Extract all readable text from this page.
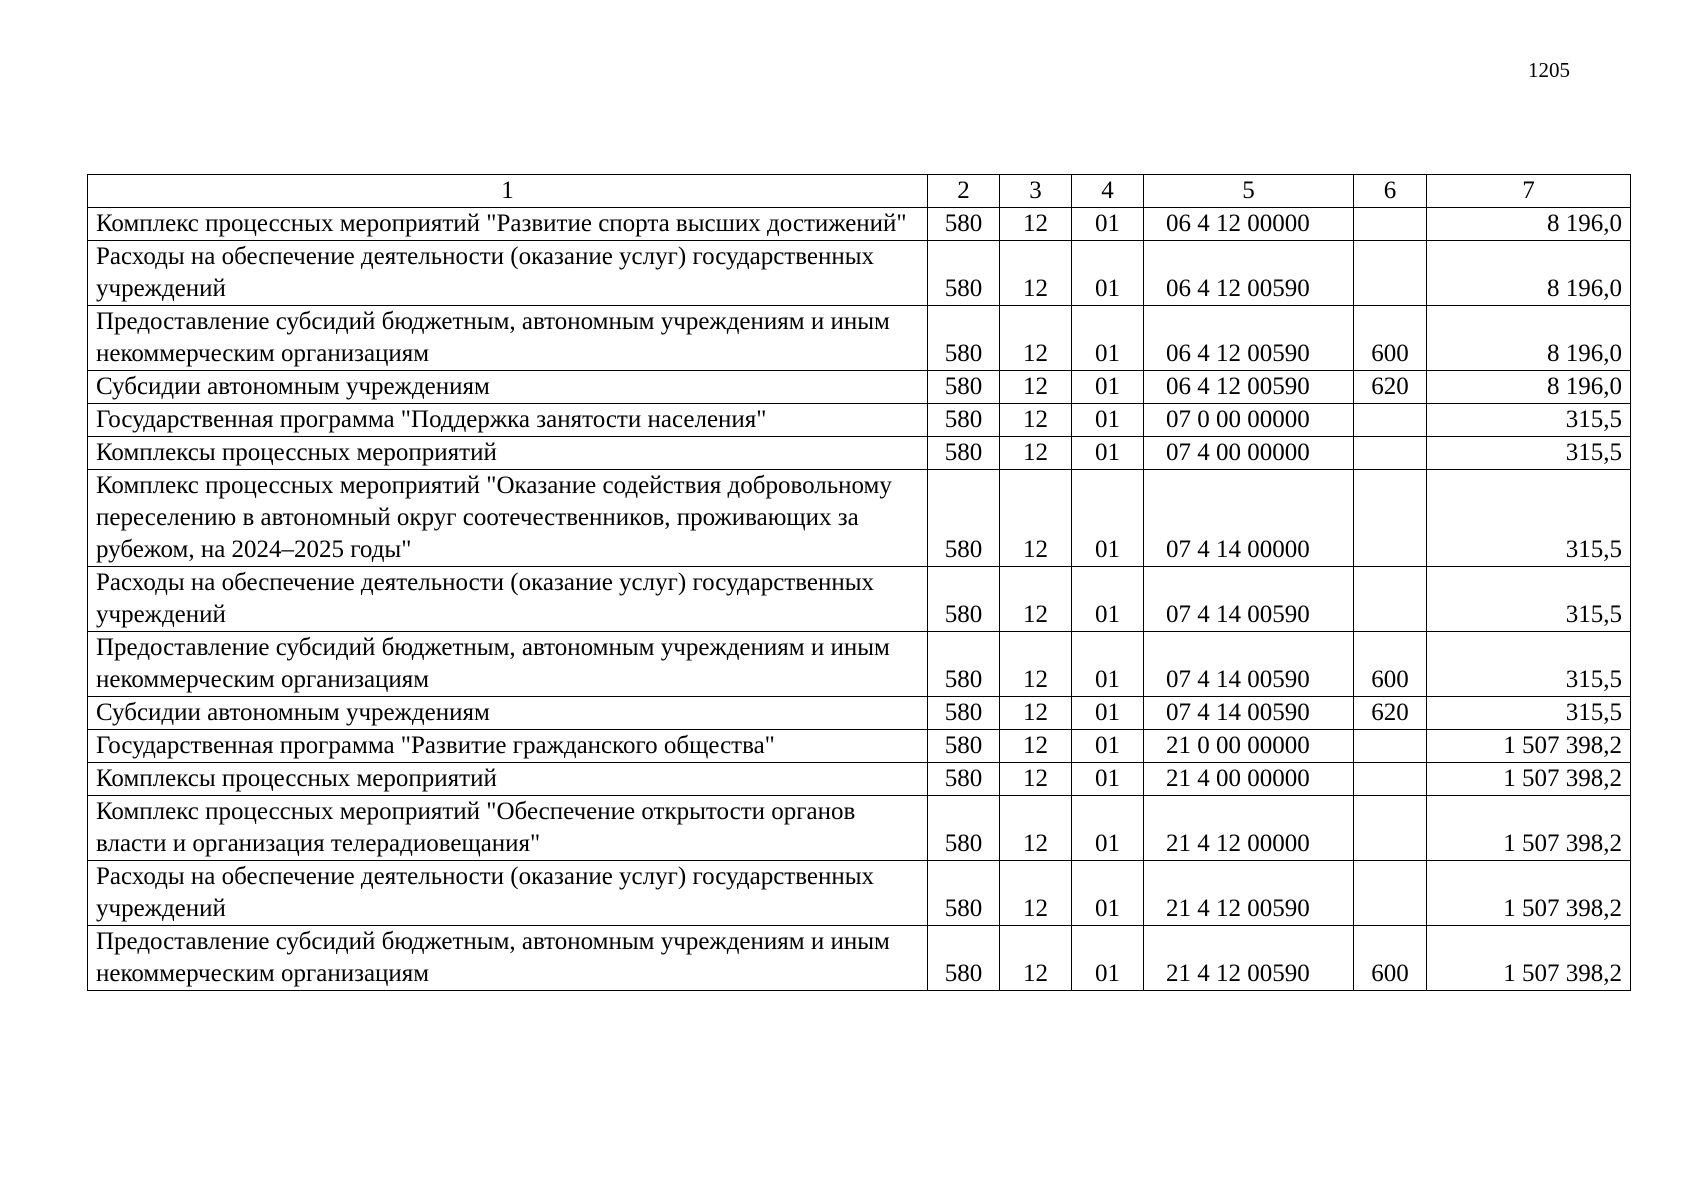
1205
1	2	3	4	5	6	7
Комплекс процессных мероприятий "Развитие спорта высших достижений"	580	12	01	06 4 12 00000		8 196,0
Расходы на обеспечение деятельности (оказание услуг) государственных учреждений	580	12	01	06 4 12 00590		8 196,0
Предоставление субсидий бюджетным, автономным учреждениям и иным некоммерческим организациям	580	12	01	06 4 12 00590	600	8 196,0
Субсидии автономным учреждениям	580	12	01	06 4 12 00590	620	8 196,0
Государственная программа "Поддержка занятости населения"	580	12	01	07 0 00 00000		315,5
Комплексы процессных мероприятий	580	12	01	07 4 00 00000		315,5
Комплекс процессных мероприятий "Оказание содействия добровольному переселению в автономный округ соотечественников, проживающих за рубежом, на 2024–2025 годы"	580	12	01	07 4 14 00000		315,5
Расходы на обеспечение деятельности (оказание услуг) государственных учреждений	580	12	01	07 4 14 00590		315,5
Предоставление субсидий бюджетным, автономным учреждениям и иным некоммерческим организациям	580	12	01	07 4 14 00590	600	315,5
Субсидии автономным учреждениям	580	12	01	07 4 14 00590	620	315,5
Государственная программа "Развитие гражданского общества"	580	12	01	21 0 00 00000		1 507 398,2
Комплексы процессных мероприятий	580	12	01	21 4 00 00000		1 507 398,2
Комплекс процессных мероприятий "Обеспечение открытости органов власти и организация телерадиовещания"	580	12	01	21 4 12 00000		1 507 398,2
Расходы на обеспечение деятельности (оказание услуг) государственных учреждений	580	12	01	21 4 12 00590		1 507 398,2
Предоставление субсидий бюджетным, автономным учреждениям и иным некоммерческим организациям	580	12	01	21 4 12 00590	600	1 507 398,2
